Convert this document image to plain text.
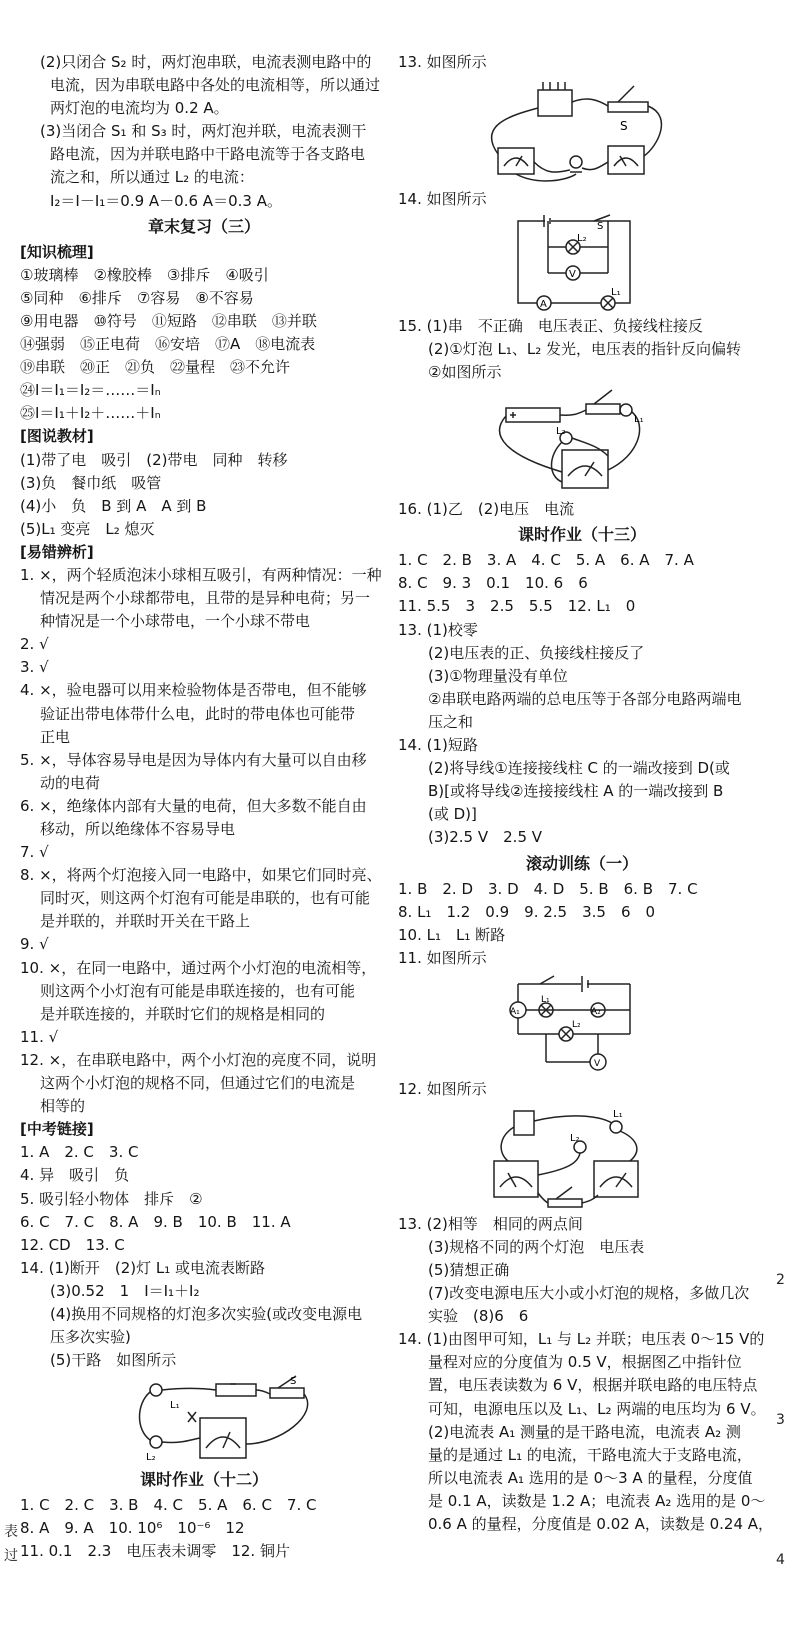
(2)只闭合 S₂ 时，两灯泡串联，电流表测电路中的
电流，因为串联电路中各处的电流相等，所以通过
两灯泡的电流均为 0.2 A。
(3)当闭合 S₁ 和 S₃ 时，两灯泡并联，电流表测干
路电流，因为并联电路中干路电流等于各支路电
流之和，所以通过 L₂ 的电流：
I₂＝I－I₁＝0.9 A－0.6 A＝0.3 A。
章末复习（三）
[知识梳理]
①玻璃棒　②橡胶棒　③排斥　④吸引
⑤同种　⑥排斥　⑦容易　⑧不容易
⑨用电器　⑩符号　⑪短路　⑫串联　⑬并联
⑭强弱　⑮正电荷　⑯安培　⑰A　⑱电流表
⑲串联　⑳正　㉑负　㉒量程　㉓不允许
㉔I＝I₁＝I₂＝……＝Iₙ
㉕I＝I₁＋I₂＋……＋Iₙ
[图说教材]
(1)带了电　吸引　(2)带电　同种　转移
(3)负　餐巾纸　吸管
(4)小　负　B 到 A　A 到 B
(5)L₁ 变亮　L₂ 熄灭
[易错辨析]
1. ×，两个轻质泡沫小球相互吸引，有两种情况：一种
情况是两个小球都带电，且带的是异种电荷；另一
种情况是一个小球带电，一个小球不带电
2. √
3. √
4. ×，验电器可以用来检验物体是否带电，但不能够
验证出带电体带什么电，此时的带电体也可能带
正电
5. ×，导体容易导电是因为导体内有大量可以自由移
动的电荷
6. ×，绝缘体内部有大量的电荷，但大多数不能自由
移动，所以绝缘体不容易导电
7. √
8. ×，将两个灯泡接入同一电路中，如果它们同时亮、
同时灭，则这两个灯泡有可能是串联的，也有可能
是并联的，并联时开关在干路上
9. √
10. ×，在同一电路中，通过两个小灯泡的电流相等，
则这两个小灯泡有可能是串联连接的，也有可能
是并联连接的，并联时它们的规格是相同的
11. √
12. ×，在串联电路中，两个小灯泡的亮度不同，说明
这两个小灯泡的规格不同，但通过它们的电流是
相等的
[中考链接]
1. A　2. C　3. C
4. 异　吸引　负
5. 吸引轻小物体　排斥　②
6. C　7. C　8. A　9. B　10. B　11. A
12. CD　13. C
14. (1)断开　(2)灯 L₁ 或电流表断路
(3)0.52　1　I＝I₁＋I₂
(4)换用不同规格的灯泡多次实验(或改变电源电
压多次实验)
(5)干路　如图所示
S
L₁
L₂
课时作业（十二）
1. C　2. C　3. B　4. C　5. A　6. C　7. C
8. A　9. A　10. 10⁶　10⁻⁶　12
11. 0.1　2.3　电压表未调零　12. 铜片
13. 如图所示
S
14. 如图所示
L₂
S
V
L₁
A
15. (1)串　不正确　电压表正、负接线柱接反
(2)①灯泡 L₁、L₂ 发光，电压表的指针反向偏转
②如图所示
L₂
L₁
16. (1)乙　(2)电压　电流
课时作业（十三）
1. C　2. B　3. A　4. C　5. A　6. A　7. A
8. C　9. 3　0.1　10. 6　6
11. 5.5　3　2.5　5.5　12. L₁　0
13. (1)校零
(2)电压表的正、负接线柱接反了
(3)①物理量没有单位
②串联电路两端的总电压等于各部分电路两端电
压之和
14. (1)短路
(2)将导线①连接接线柱 C 的一端改接到 D(或
B)[或将导线②连接接线柱 A 的一端改接到 B
(或 D)]
(3)2.5 V　2.5 V
滚动训练（一）
1. B　2. D　3. D　4. D　5. B　6. B　7. C
8. L₁　1.2　0.9　9. 2.5　3.5　6　0
10. L₁　L₁ 断路
11. 如图所示
A₁
L₁
A₂
L₂
V
12. 如图所示
L₁
L₂
13. (2)相等　相同的两点间
(3)规格不同的两个灯泡　电压表
(5)猜想正确
(7)改变电源电压大小或小灯泡的规格，多做几次
实验　(8)6　6
14. (1)由图甲可知，L₁ 与 L₂ 并联；电压表 0～15 V的
量程对应的分度值为 0.5 V，根据图乙中指针位
置，电压表读数为 6 V，根据并联电路的电压特点
可知，电源电压以及 L₁、L₂ 两端的电压均为 6 V。
(2)电流表 A₁ 测量的是干路电流，电流表 A₂ 测
量的是通过 L₁ 的电流，干路电流大于支路电流，
所以电流表 A₁ 选用的是 0～3 A 的量程，分度值
是 0.1 A，读数是 1.2 A；电流表 A₂ 选用的是 0～
0.6 A 的量程，分度值是 0.02 A，读数是 0.24 A，
表
过
2
3
4
